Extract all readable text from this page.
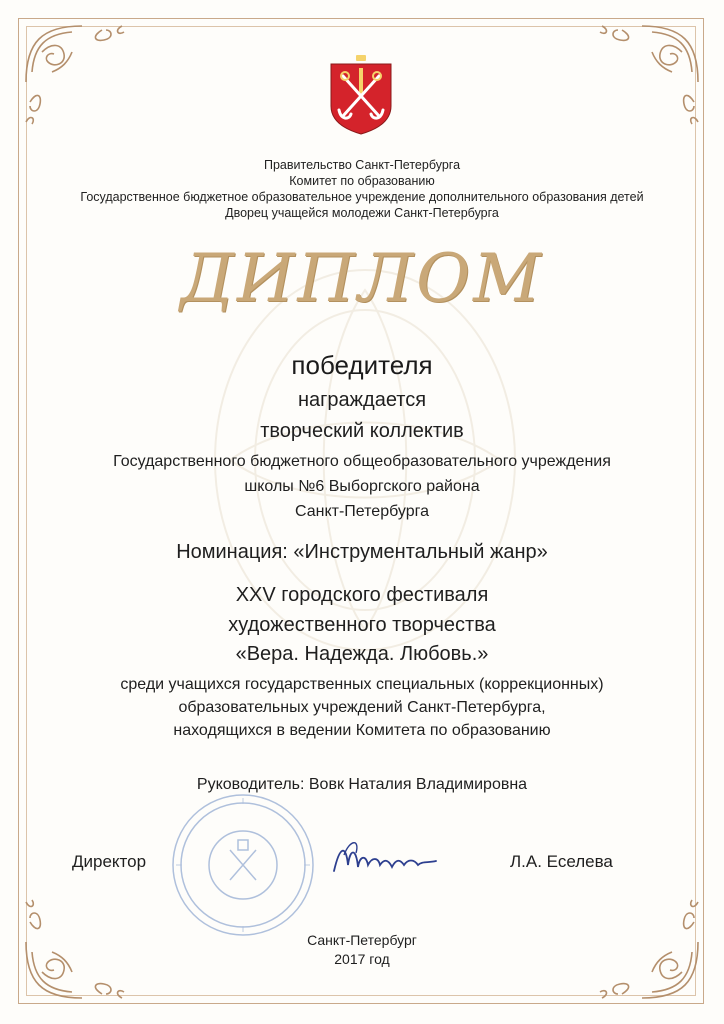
Правительство Санкт-Петербурга
Комитет по образованию
Государственное бюджетное образовательное учреждение дополнительного образования детей
Дворец учащейся молодежи Санкт-Петербурга
ДИПЛОМ
победителя
награждается
творческий коллектив
Государственного бюджетного общеобразовательного учреждения
школы №6 Выборгского района
Санкт-Петербурга
Номинация: «Инструментальный жанр»
XXV городского фестиваля
художественного творчества
«Вера. Надежда. Любовь.»
среди учащихся государственных специальных (коррекционных)
образовательных учреждений Санкт-Петербурга,
находящихся в ведении Комитета по образованию
Руководитель: Вовк Наталия Владимировна
Директор	Л.А. Еселева
Санкт-Петербург
2017 год
